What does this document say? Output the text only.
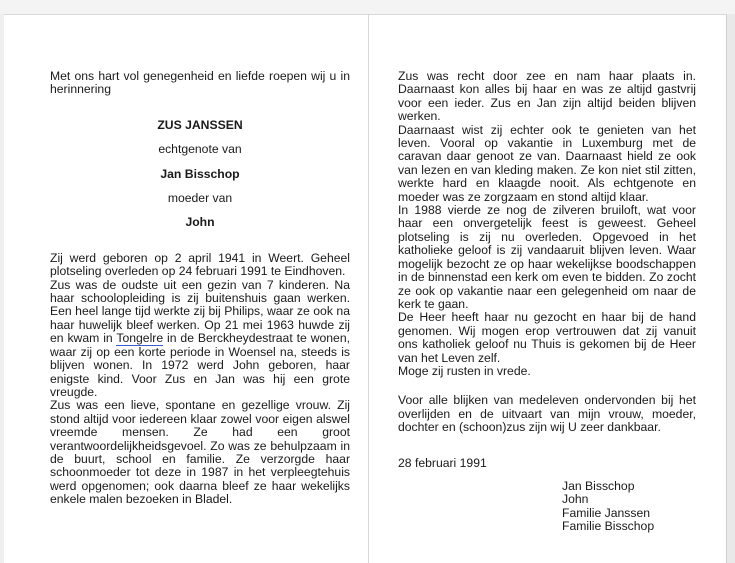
Met ons hart vol genegenheid en liefde roepen wij u in herinnering

ZUS JANSSEN

echtgenote van

Jan Bisschop

moeder van

John

Zij werd geboren op 2 april 1941 in Weert. Geheel plotseling overleden op 24 februari 1991 te Eindhoven.

Zus was de oudste uit een gezin van 7 kinderen. Na haar schoolopleiding is zij buitenshuis gaan werken. Een heel lange tijd werkte zij bij Philips, waar ze ook na haar huwelijk bleef werken. Op 21 mei 1963 huwde zij en kwam in Tongelre in de Berckheydestraat te wonen, waar zij op een korte periode in Woensel na, steeds is blijven wonen. In 1972 werd John geboren, haar enigste kind. Voor Zus en Jan was hij een grote vreugde.

Zus was een lieve, spontane en gezellige vrouw. Zij stond altijd voor iedereen klaar zowel voor eigen alswel vreemde mensen. Ze had een groot verantwoordelijkheidsgevoel. Zo was ze behulpzaam in de buurt, school en familie. Ze verzorgde haar schoonmoeder tot deze in 1987 in het verpleegtehuis werd opgenomen; ook daarna bleef ze haar wekelijks enkele malen bezoeken in Bladel.

Zus was recht door zee en nam haar plaats in. Daarnaast kon alles bij haar en was ze altijd gastvrij voor een ieder. Zus en Jan zijn altijd beiden blijven werken.

Daarnaast wist zij echter ook te genieten van het leven. Vooral op vakantie in Luxemburg met de caravan daar genoot ze van. Daarnaast hield ze ook van lezen en van kleding maken. Ze kon niet stil zitten, werkte hard en klaagde nooit. Als echtgenote en moeder was ze zorgzaam en stond altijd klaar.

In 1988 vierde ze nog de zilveren bruiloft, wat voor haar een onvergetelijk feest is geweest. Geheel plotseling is zij nu overleden. Opgevoed in het katholieke geloof is zij vandaaruit blijven leven. Waar mogelijk bezocht ze op haar wekelijkse boodschappen in de binnenstad een kerk om even te bidden. Zo zocht ze ook op vakantie naar een gelegenheid om naar de kerk te gaan.

De Heer heeft haar nu gezocht en haar bij de hand genomen. Wij mogen erop vertrouwen dat zij vanuit ons katholiek geloof nu Thuis is gekomen bij de Heer van het Leven zelf.

Moge zij rusten in vrede.

Voor alle blijken van medeleven ondervonden bij het overlijden en de uitvaart van mijn vrouw, moeder, dochter en (schoon)zus zijn wij U zeer dankbaar.

28 februari 1991

Jan Bisschop

John

Familie Janssen

Familie Bisschop
